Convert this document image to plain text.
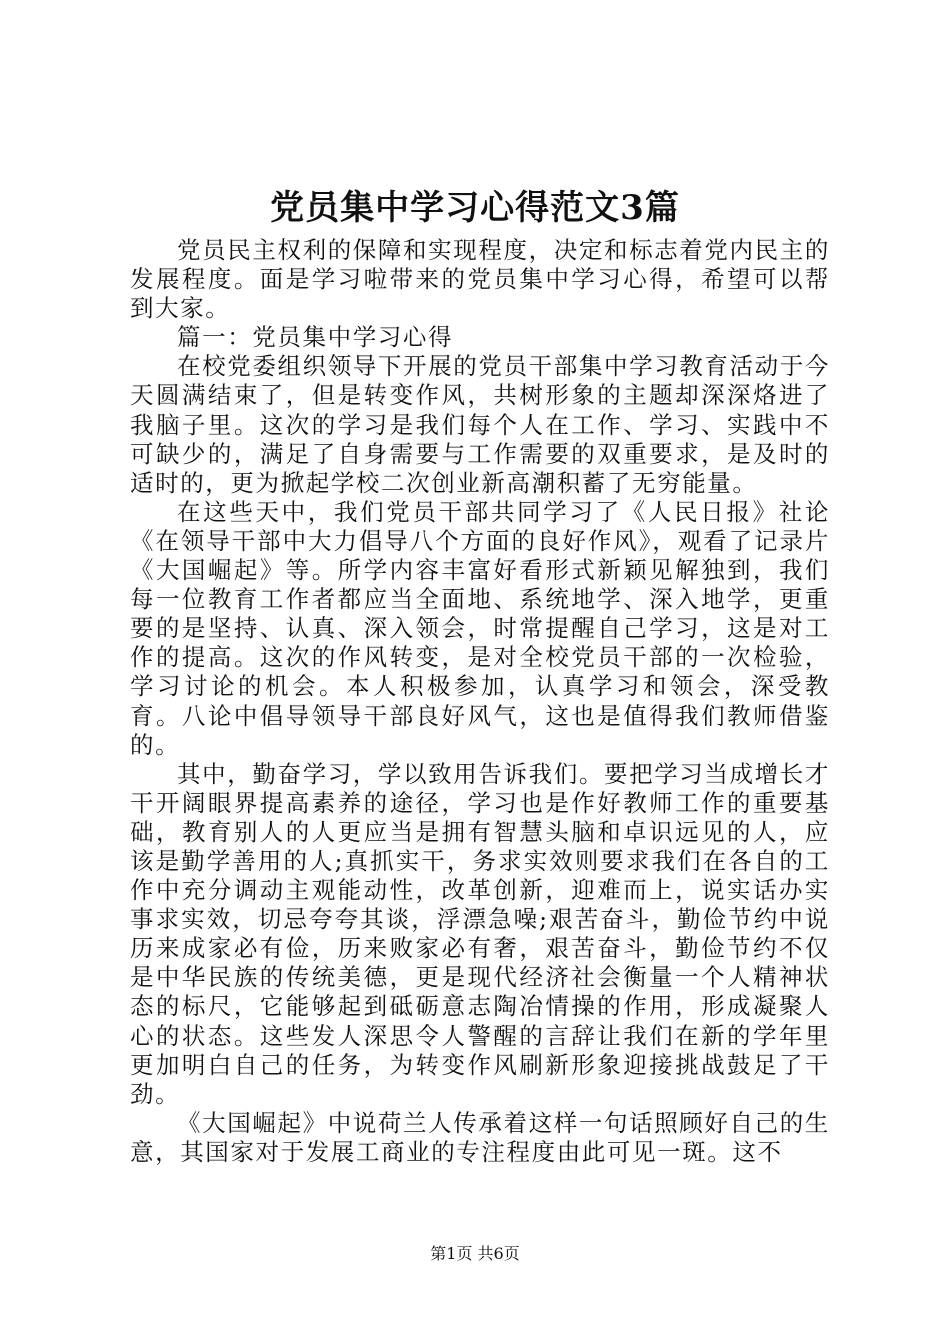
党员集中学习心得范文3篇

党员民主权利的保障和实现程度，决定和标志着党内民主的发展程度。面是学习啦带来的党员集中学习心得，希望可以帮到大家。

篇一：党员集中学习心得

在校党委组织领导下开展的党员干部集中学习教育活动于今天圆满结束了，但是转变作风，共树形象的主题却深深烙进了我脑子里。这次的学习是我们每个人在工作、学习、实践中不可缺少的，满足了自身需要与工作需要的双重要求，是及时的适时的，更为掀起学校二次创业新高潮积蓄了无穷能量。

在这些天中，我们党员干部共同学习了《人民日报》社论《在领导干部中大力倡导八个方面的良好作风》，观看了记录片《大国崛起》等。所学内容丰富好看形式新颖见解独到，我们每一位教育工作者都应当全面地、系统地学、深入地学，更重要的是坚持、认真、深入领会，时常提醒自己学习，这是对工作的提高。这次的作风转变，是对全校党员干部的一次检验，学习讨论的机会。本人积极参加，认真学习和领会，深受教育。八论中倡导领导干部良好风气，这也是值得我们教师借鉴的。

其中，勤奋学习，学以致用告诉我们。要把学习当成增长才干开阔眼界提高素养的途径，学习也是作好教师工作的重要基础，教育别人的人更应当是拥有智慧头脑和卓识远见的人，应该是勤学善用的人;真抓实干，务求实效则要求我们在各自的工作中充分调动主观能动性，改革创新，迎难而上，说实话办实事求实效，切忌夸夸其谈，浮漂急噪;艰苦奋斗，勤俭节约中说历来成家必有俭，历来败家必有奢，艰苦奋斗，勤俭节约不仅是中华民族的传统美德，更是现代经济社会衡量一个人精神状态的标尺，它能够起到砥砺意志陶冶情操的作用，形成凝聚人心的状态。这些发人深思令人警醒的言辞让我们在新的学年里更加明白自己的任务，为转变作风刷新形象迎接挑战鼓足了干劲。

《大国崛起》中说荷兰人传承着这样一句话照顾好自己的生意，其国家对于发展工商业的专注程度由此可见一斑。这不

第1页 共6页
